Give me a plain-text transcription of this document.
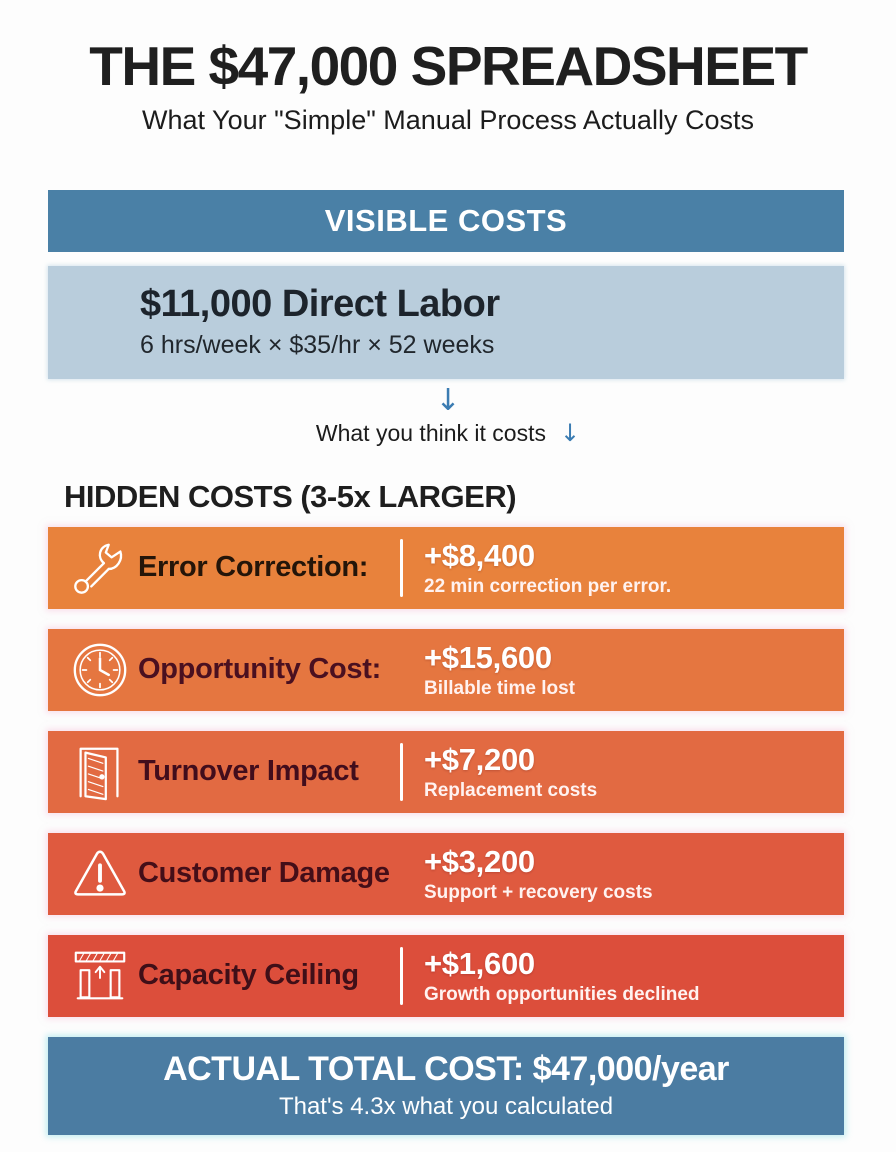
THE $47,000 SPREADSHEET
What Your "Simple" Manual Process Actually Costs
VISIBLE COSTS
$11,000 Direct Labor
6 hrs/week × $35/hr × 52 weeks
↓
What you think it costs ↓
HIDDEN COSTS (3-5x LARGER)
Error Correction:	+$8,400
22 min correction per error.
Opportunity Cost:	+$15,600
Billable time lost
Turnover Impact	+$7,200
Replacement costs
Customer Damage	+$3,200
Support + recovery costs
Capacity Ceiling	+$1,600
Growth opportunities declined
ACTUAL TOTAL COST: $47,000/year
That's 4.3x what you calculated
